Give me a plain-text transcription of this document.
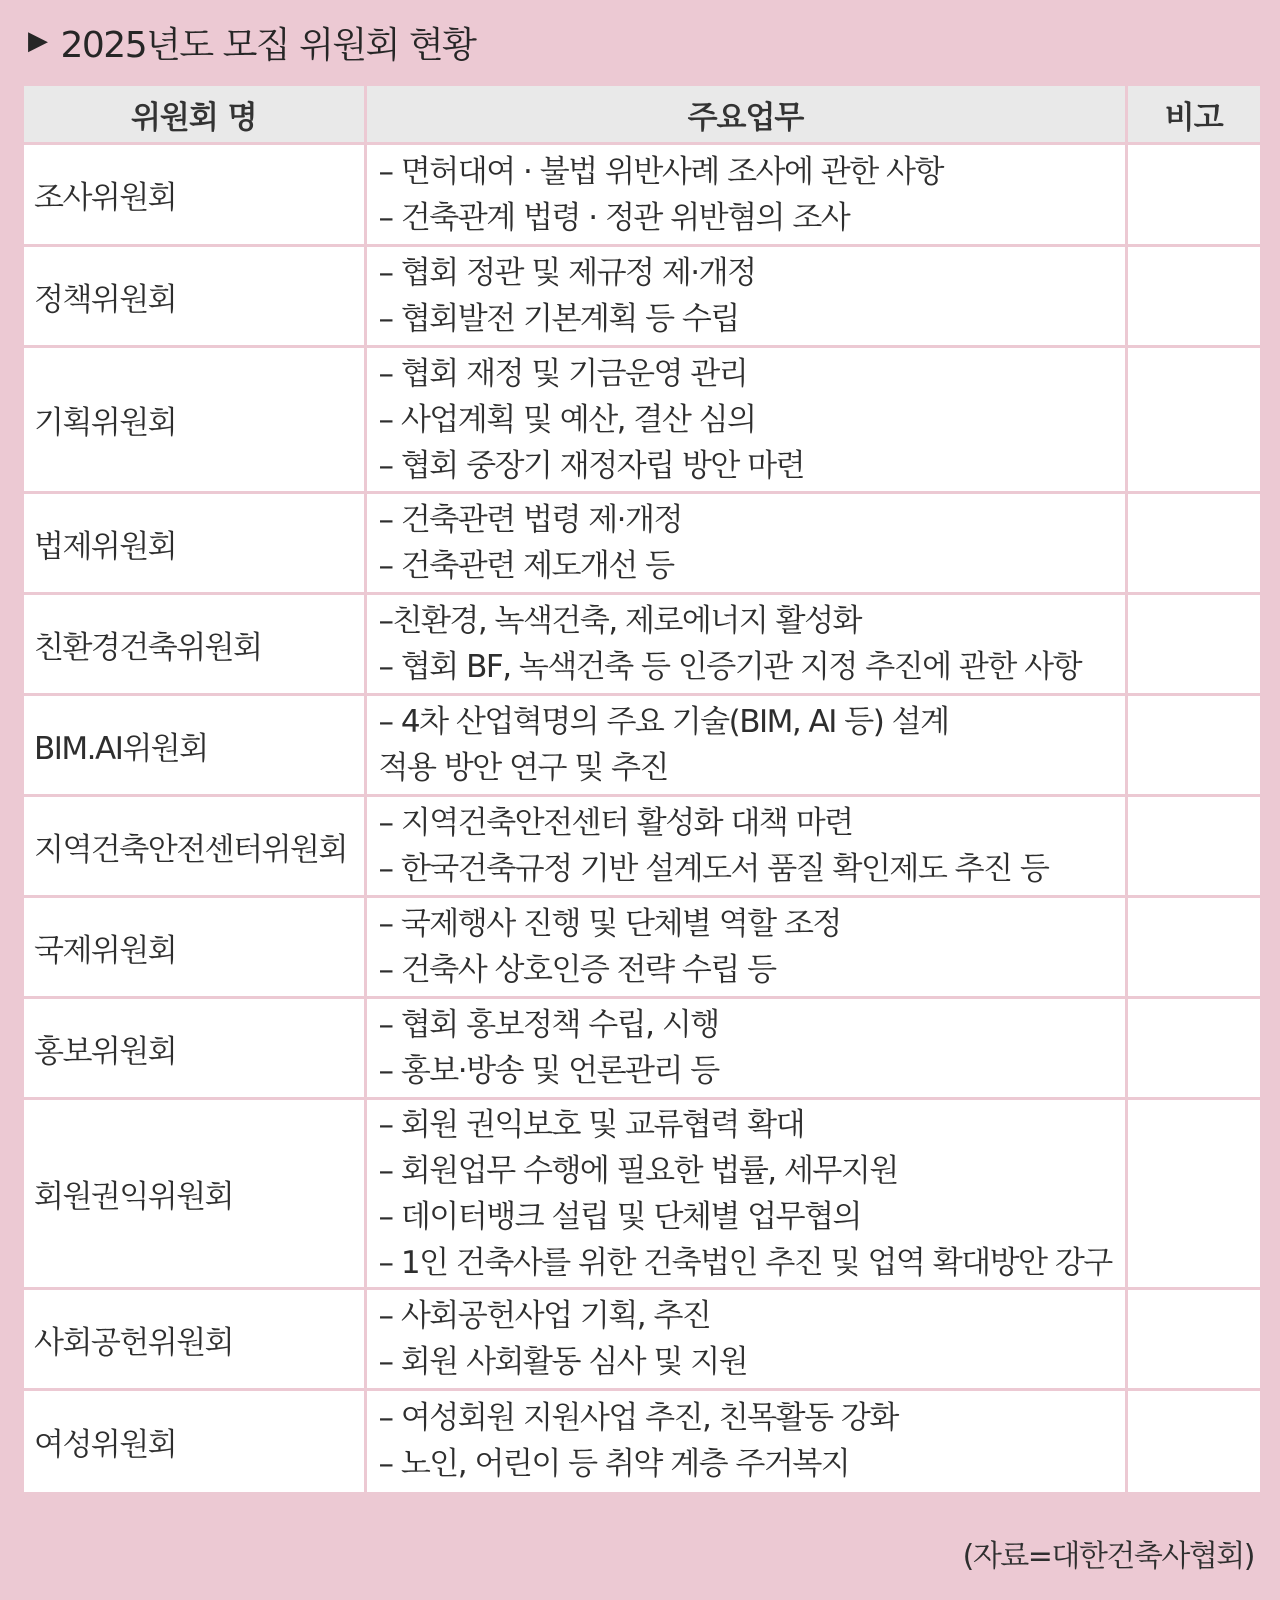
▶ 2025년도 모집 위원회 현황
위원회 명	주요업무	비고
조사위원회	– 면허대여 · 불법 위반사례 조사에 관한 사항
– 건축관계 법령 · 정관 위반혐의 조사	

정책위원회	– 협회 정관 및 제규정 제·개정
– 협회발전 기본계획 등 수립	

기획위원회	– 협회 재정 및 기금운영 관리
– 사업계획 및 예산, 결산 심의
– 협회 중장기 재정자립 방안 마련	

법제위원회	– 건축관련 법령 제·개정
– 건축관련 제도개선 등	

친환경건축위원회	–친환경, 녹색건축, 제로에너지 활성화
– 협회 BF, 녹색건축 등 인증기관 지정 추진에 관한 사항	

BIM.AI위원회	– 4차 산업혁명의 주요 기술(BIM, AI 등) 설계
적용 방안 연구 및 추진	

지역건축안전센터위원회	– 지역건축안전센터 활성화 대책 마련
– 한국건축규정 기반 설계도서 품질 확인제도 추진 등	

국제위원회	– 국제행사 진행 및 단체별 역할 조정
– 건축사 상호인증 전략 수립 등	

홍보위원회	– 협회 홍보정책 수립, 시행
– 홍보·방송 및 언론관리 등	

회원권익위원회	– 회원 권익보호 및 교류협력 확대
– 회원업무 수행에 필요한 법률, 세무지원
– 데이터뱅크 설립 및 단체별 업무협의
– 1인 건축사를 위한 건축법인 추진 및 업역 확대방안 강구	

사회공헌위원회	– 사회공헌사업 기획, 추진
– 회원 사회활동 심사 및 지원	

여성위원회	– 여성회원 지원사업 추진, 친목활동 강화
– 노인, 어린이 등 취약 계층 주거복지	

(자료=대한건축사협회)
